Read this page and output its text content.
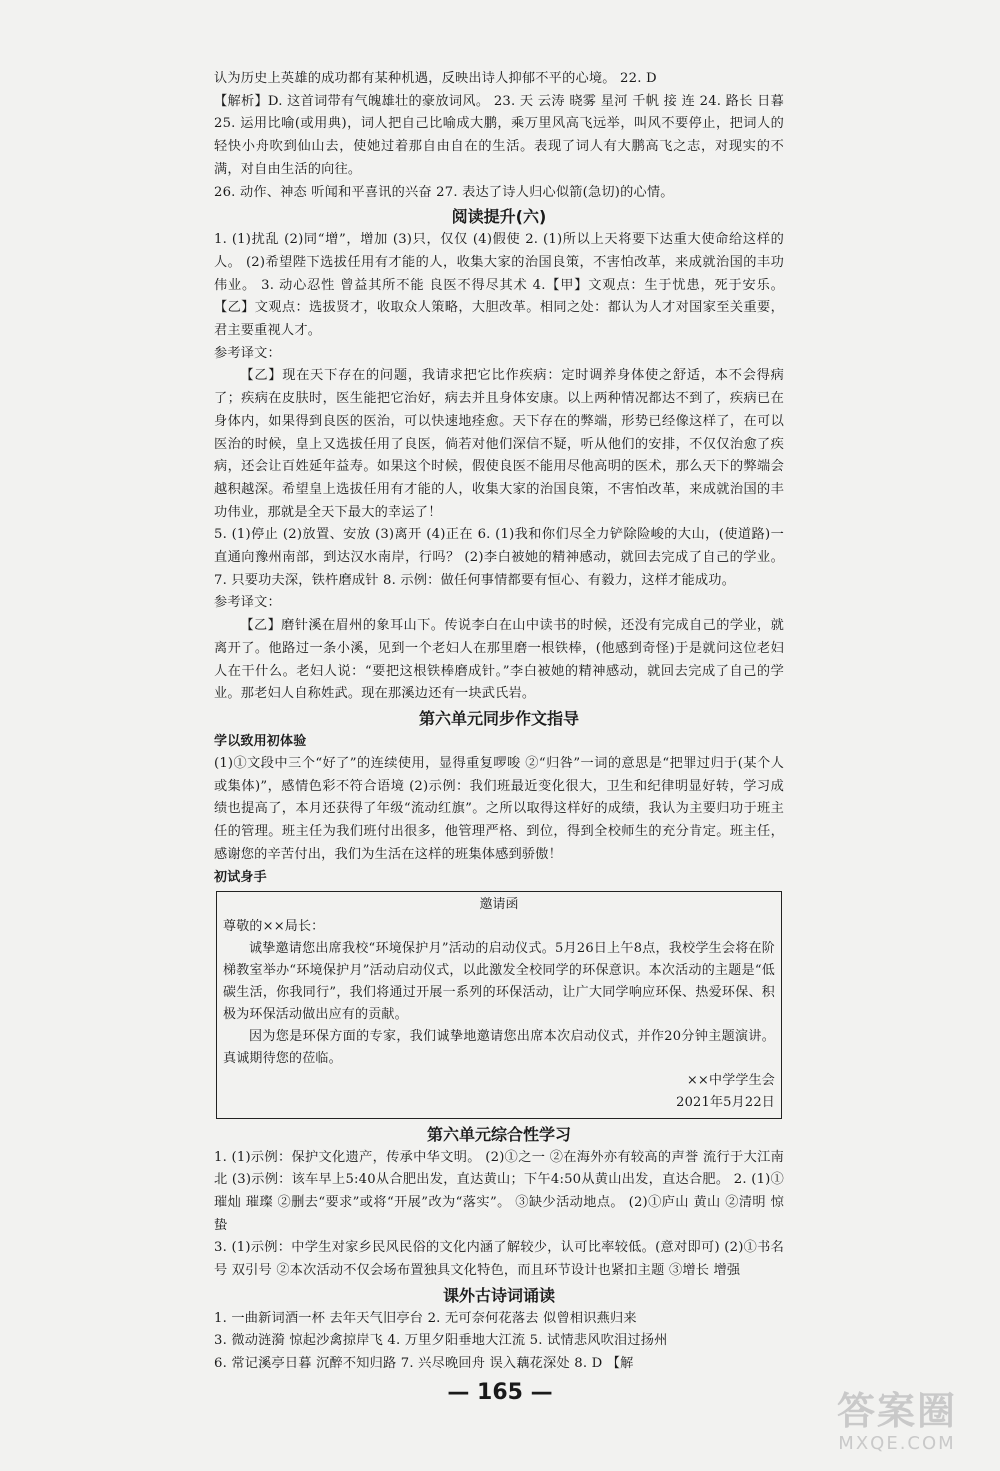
认为历史上英雄的成功都有某种机遇，反映出诗人抑郁不平的心境。 22. D

【解析】D. 这首词带有气魄雄壮的豪放词风。 23. 天 云涛 晓雾 星河 千帆 接 连 24. 路长 日暮 25. 运用比喻(或用典)，词人把自己比喻成大鹏，乘万里风高飞远举，叫风不要停止，把词人的轻快小舟吹到仙山去，使她过着那自由自在的生活。表现了词人有大鹏高飞之志，对现实的不满，对自由生活的向往。

26. 动作、神态 听闻和平喜讯的兴奋 27. 表达了诗人归心似箭(急切)的心情。

阅读提升(六)

1. (1)扰乱 (2)同“增”，增加 (3)只，仅仅 (4)假使 2. (1)所以上天将要下达重大使命给这样的人。 (2)希望陛下选拔任用有才能的人，收集大家的治国良策，不害怕改革，来成就治国的丰功伟业。 3. 动心忍性 曾益其所不能 良医不得尽其术 4.【甲】文观点：生于忧患，死于安乐。【乙】文观点：选拔贤才，收取众人策略，大胆改革。相同之处：都认为人才对国家至关重要，君主要重视人才。

参考译文：

【乙】现在天下存在的问题，我请求把它比作疾病：定时调养身体使之舒适，本不会得病了；疾病在皮肤时，医生能把它治好，病去并且身体安康。以上两种情况都达不到了，疾病已在身体内，如果得到良医的医治，可以快速地痊愈。天下存在的弊端，形势已经像这样了，在可以医治的时候，皇上又选拔任用了良医，倘若对他们深信不疑，听从他们的安排，不仅仅治愈了疾病，还会让百姓延年益寿。如果这个时候，假使良医不能用尽他高明的医术，那么天下的弊端会越积越深。希望皇上选拔任用有才能的人，收集大家的治国良策，不害怕改革，来成就治国的丰功伟业，那就是全天下最大的幸运了！

5. (1)停止 (2)放置、安放 (3)离开 (4)正在 6. (1)我和你们尽全力铲除险峻的大山，(使道路)一直通向豫州南部，到达汉水南岸，行吗？ (2)李白被她的精神感动，就回去完成了自己的学业。 7. 只要功夫深，铁杵磨成针 8. 示例：做任何事情都要有恒心、有毅力，这样才能成功。

参考译文：

【乙】磨针溪在眉州的象耳山下。传说李白在山中读书的时候，还没有完成自己的学业，就离开了。他路过一条小溪，见到一个老妇人在那里磨一根铁棒，(他感到奇怪)于是就问这位老妇人在干什么。老妇人说：“要把这根铁棒磨成针。”李白被她的精神感动，就回去完成了自己的学业。那老妇人自称姓武。现在那溪边还有一块武氏岩。

第六单元同步作文指导

学以致用初体验

(1)①文段中三个“好了”的连续使用，显得重复啰唆 ②“归咎”一词的意思是“把罪过归于(某个人或集体)”，感情色彩不符合语境 (2)示例：我们班最近变化很大，卫生和纪律明显好转，学习成绩也提高了，本月还获得了年级“流动红旗”。之所以取得这样好的成绩，我认为主要归功于班主任的管理。班主任为我们班付出很多，他管理严格、到位，得到全校师生的充分肯定。班主任，感谢您的辛苦付出，我们为生活在这样的班集体感到骄傲！

初试身手

邀请函

尊敬的××局长：

诚挚邀请您出席我校“环境保护月”活动的启动仪式。5月26日上午8点，我校学生会将在阶梯教室举办“环境保护月”活动启动仪式，以此激发全校同学的环保意识。本次活动的主题是“低碳生活，你我同行”，我们将通过开展一系列的环保活动，让广大同学响应环保、热爱环保、积极为环保活动做出应有的贡献。

因为您是环保方面的专家，我们诚挚地邀请您出席本次启动仪式，并作20分钟主题演讲。真诚期待您的莅临。

××中学学生会

2021年5月22日

第六单元综合性学习

1. (1)示例：保护文化遗产，传承中华文明。 (2)①之一 ②在海外亦有较高的声誉 流行于大江南北 (3)示例：该车早上5:40从合肥出发，直达黄山；下午4:50从黄山出发，直达合肥。 2. (1)①璀灿 璀璨 ②删去“要求”或将“开展”改为“落实”。 ③缺少活动地点。 (2)①庐山 黄山 ②清明 惊蛰

3. (1)示例：中学生对家乡民风民俗的文化内涵了解较少，认可比率较低。(意对即可) (2)①书名号 双引号 ②本次活动不仅会场布置独具文化特色，而且环节设计也紧扣主题 ③增长 增强

课外古诗词诵读

1. 一曲新词酒一杯 去年天气旧亭台 2. 无可奈何花落去 似曾相识燕归来

3. 微动涟漪 惊起沙禽掠岸飞 4. 万里夕阳垂地大江流 5. 试情悲风吹泪过扬州

6. 常记溪亭日暮 沉醉不知归路 7. 兴尽晚回舟 误入藕花深处 8. D 【解

— 165 —	答案圈
MXQE.COM
